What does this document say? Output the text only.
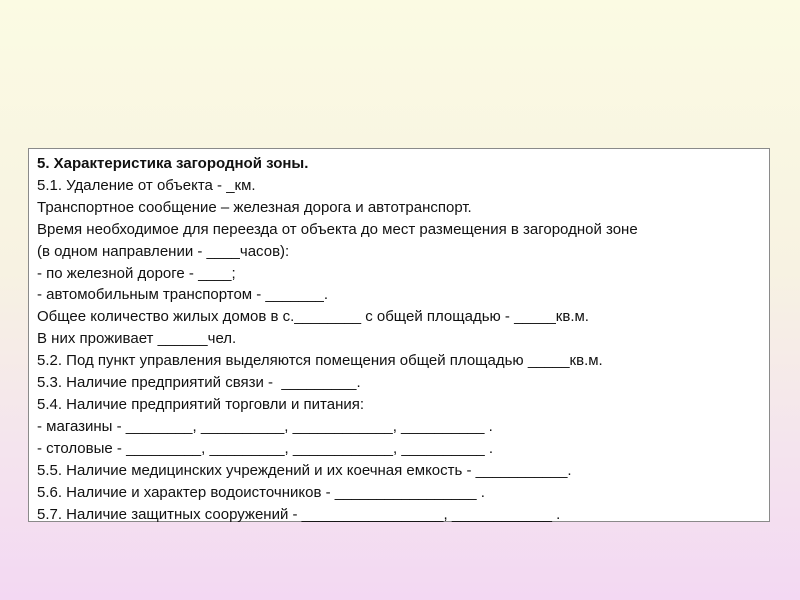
5. Характеристика загородной зоны.

5.1. Удаление от объекта - _км.

Транспортное сообщение – железная дорога и автотранспорт.

Время необходимое для переезда от объекта до мест размещения в загородной зоне

(в одном направлении - ____часов):

- по железной дороге - ____;

- автомобильным транспортом - _______.

Общее количество жилых домов в с.________ с общей площадью - _____кв.м.

В них проживает ______чел.

5.2. Под пункт управления выделяются помещения общей площадью _____кв.м.

5.3. Наличие предприятий связи -  _________.

5.4. Наличие предприятий торговли и питания:

- магазины - ________, __________, ____________, __________ .

- столовые - _________, _________, ____________, __________ .

5.5. Наличие медицинских учреждений и их коечная емкость - ___________.

5.6. Наличие и характер водоисточников - _________________ .

5.7. Наличие защитных сооружений - _________________, ____________ .
